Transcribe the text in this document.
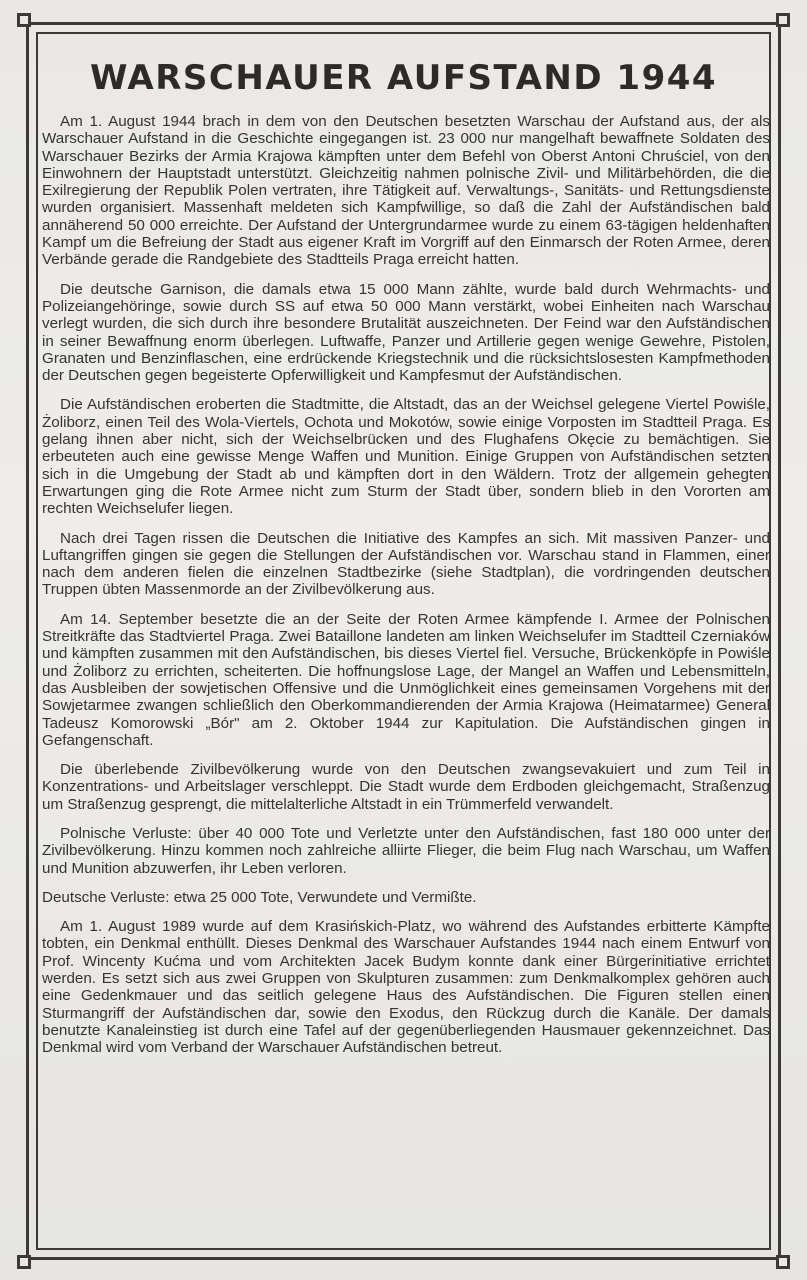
WARSCHAUER AUFSTAND 1944

Am 1. August 1944 brach in dem von den Deutschen besetzten Warschau der Aufstand aus, der als Warschauer Aufstand in die Geschichte eingegangen ist. 23 000 nur mangelhaft bewaffnete Soldaten des Warschauer Bezirks der Armia Krajowa kämpften unter dem Befehl von Oberst Antoni Chruściel, von den Einwohnern der Hauptstadt unterstützt. Gleichzeitig nahmen polnische Zivil- und Militärbehörden, die die Exilregierung der Republik Polen vertraten, ihre Tätigkeit auf. Verwaltungs-, Sanitäts- und Rettungsdienste wurden organisiert. Massenhaft meldeten sich Kampfwillige, so daß die Zahl der Aufständischen bald annäherend 50 000 erreichte. Der Aufstand der Untergrundarmee wurde zu einem 63-tägigen heldenhaften Kampf um die Befreiung der Stadt aus eigener Kraft im Vorgriff auf den Einmarsch der Roten Armee, deren Verbände gerade die Randgebiete des Stadtteils Praga erreicht hatten.

Die deutsche Garnison, die damals etwa 15 000 Mann zählte, wurde bald durch Wehrmachts- und Polizeiangehöringe, sowie durch SS auf etwa 50 000 Mann verstärkt, wobei Einheiten nach Warschau verlegt wurden, die sich durch ihre besondere Brutalität auszeichneten. Der Feind war den Aufständischen in seiner Bewaffnung enorm überlegen. Luftwaffe, Panzer und Artillerie gegen wenige Gewehre, Pistolen, Granaten und Benzinflaschen, eine erdrückende Kriegstechnik und die rücksichtslosesten Kampfmethoden der Deutschen gegen begeisterte Opferwilligkeit und Kampfesmut der Aufständischen.

Die Aufständischen eroberten die Stadtmitte, die Altstadt, das an der Weichsel gelegene Viertel Powiśle, Żoliborz, einen Teil des Wola-Viertels, Ochota und Mokotów, sowie einige Vorposten im Stadtteil Praga. Es gelang ihnen aber nicht, sich der Weichselbrücken und des Flughafens Okęcie zu bemächtigen. Sie erbeuteten auch eine gewisse Menge Waffen und Munition. Einige Gruppen von Aufständischen setzten sich in die Umgebung der Stadt ab und kämpften dort in den Wäldern. Trotz der allgemein gehegten Erwartungen ging die Rote Armee nicht zum Sturm der Stadt über, sondern blieb in den Vororten am rechten Weichselufer liegen.

Nach drei Tagen rissen die Deutschen die Initiative des Kampfes an sich. Mit massiven Panzer- und Luftangriffen gingen sie gegen die Stellungen der Aufständischen vor. Warschau stand in Flammen, einer nach dem anderen fielen die einzelnen Stadtbezirke (siehe Stadtplan), die vordringenden deutschen Truppen übten Massenmorde an der Zivilbevölkerung aus.

Am 14. September besetzte die an der Seite der Roten Armee kämpfende I. Armee der Polnischen Streitkräfte das Stadtviertel Praga. Zwei Bataillone landeten am linken Weichselufer im Stadtteil Czerniaków und kämpften zusammen mit den Aufständischen, bis dieses Viertel fiel. Versuche, Brückenköpfe in Powiśle und Żoliborz zu errichten, scheiterten. Die hoffnungslose Lage, der Mangel an Waffen und Lebensmitteln, das Ausbleiben der sowjetischen Offensive und die Unmöglichkeit eines gemeinsamen Vorgehens mit der Sowjetarmee zwangen schließlich den Oberkommandierenden der Armia Krajowa (Heimatarmee) General Tadeusz Komorowski „Bór" am 2. Oktober 1944 zur Kapitulation. Die Aufständischen gingen in Gefangenschaft.

Die überlebende Zivilbevölkerung wurde von den Deutschen zwangsevakuiert und zum Teil in Konzentrations- und Arbeitslager verschleppt. Die Stadt wurde dem Erdboden gleichgemacht, Straßenzug um Straßenzug gesprengt, die mittelalterliche Altstadt in ein Trümmerfeld verwandelt.

Polnische Verluste: über 40 000 Tote und Verletzte unter den Aufständischen, fast 180 000 unter der Zivilbevölkerung. Hinzu kommen noch zahlreiche alliirte Flieger, die beim Flug nach Warschau, um Waffen und Munition abzuwerfen, ihr Leben verloren.

Deutsche Verluste: etwa 25 000 Tote, Verwundete und Vermißte.

Am 1. August 1989 wurde auf dem Krasińskich-Platz, wo während des Aufstandes erbitterte Kämpfte tobten, ein Denkmal enthüllt. Dieses Denkmal des Warschauer Aufstandes 1944 nach einem Entwurf von Prof. Wincenty Kućma und vom Architekten Jacek Budym konnte dank einer Bürgerinitiative errichtet werden. Es setzt sich aus zwei Gruppen von Skulpturen zusammen: zum Denkmalkomplex gehören auch eine Gedenkmauer und das seitlich gelegene Haus des Aufständischen. Die Figuren stellen einen Sturmangriff der Aufständischen dar, sowie den Exodus, den Rückzug durch die Kanäle. Der damals benutzte Kanaleinstieg ist durch eine Tafel auf der gegenüberliegenden Hausmauer gekennzeichnet. Das Denkmal wird vom Verband der Warschauer Aufständischen betreut.
